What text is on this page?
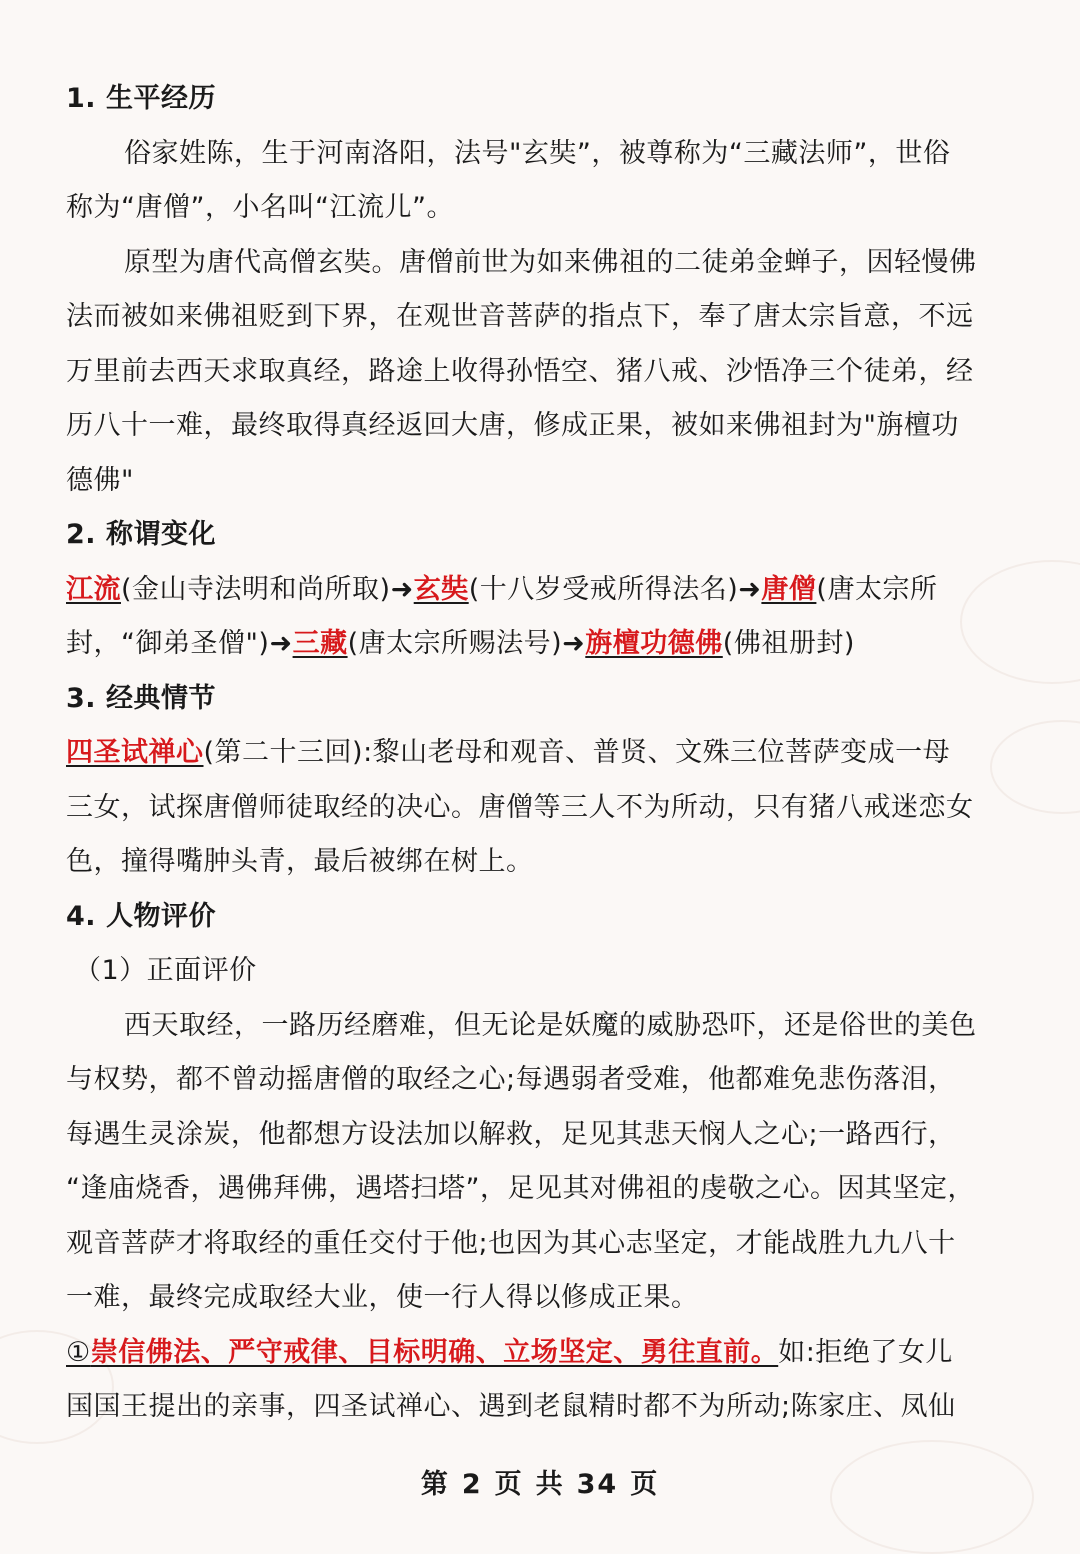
1. 生平经历
俗家姓陈，生于河南洛阳，法号"玄奘”，被尊称为“三藏法师”，世俗
称为“唐僧”，小名叫“江流儿”。
原型为唐代高僧玄奘。唐僧前世为如来佛祖的二徒弟金蝉子，因轻慢佛
法而被如来佛祖贬到下界，在观世音菩萨的指点下，奉了唐太宗旨意，不远
万里前去西天求取真经，路途上收得孙悟空、猪八戒、沙悟净三个徒弟，经
历八十一难，最终取得真经返回大唐，修成正果，被如来佛祖封为"旃檀功
德佛"
2. 称谓变化
江流(金山寺法明和尚所取)➜玄奘(十八岁受戒所得法名)➜唐僧(唐太宗所
封，“御弟圣僧")➜三藏(唐太宗所赐法号)➜旃檀功德佛(佛祖册封)
3. 经典情节
四圣试禅心(第二十三回):黎山老母和观音、普贤、文殊三位菩萨变成一母
三女，试探唐僧师徒取经的决心。唐僧等三人不为所动，只有猪八戒迷恋女
色，撞得嘴肿头青，最后被绑在树上。
4. 人物评价
（1）正面评价
西天取经，一路历经磨难，但无论是妖魔的威胁恐吓，还是俗世的美色
与权势，都不曾动摇唐僧的取经之心;每遇弱者受难，他都难免悲伤落泪，
每遇生灵涂炭，他都想方设法加以解救，足见其悲天悯人之心;一路西行，
“逢庙烧香，遇佛拜佛，遇塔扫塔”，足见其对佛祖的虔敬之心。因其坚定，
观音菩萨才将取经的重任交付于他;也因为其心志坚定，才能战胜九九八十
一难，最终完成取经大业，使一行人得以修成正果。
①崇信佛法、严守戒律、目标明确、立场坚定、勇往直前。如:拒绝了女儿
国国王提出的亲事，四圣试禅心、遇到老鼠精时都不为所动;陈家庄、凤仙
第 2 页 共 34 页
